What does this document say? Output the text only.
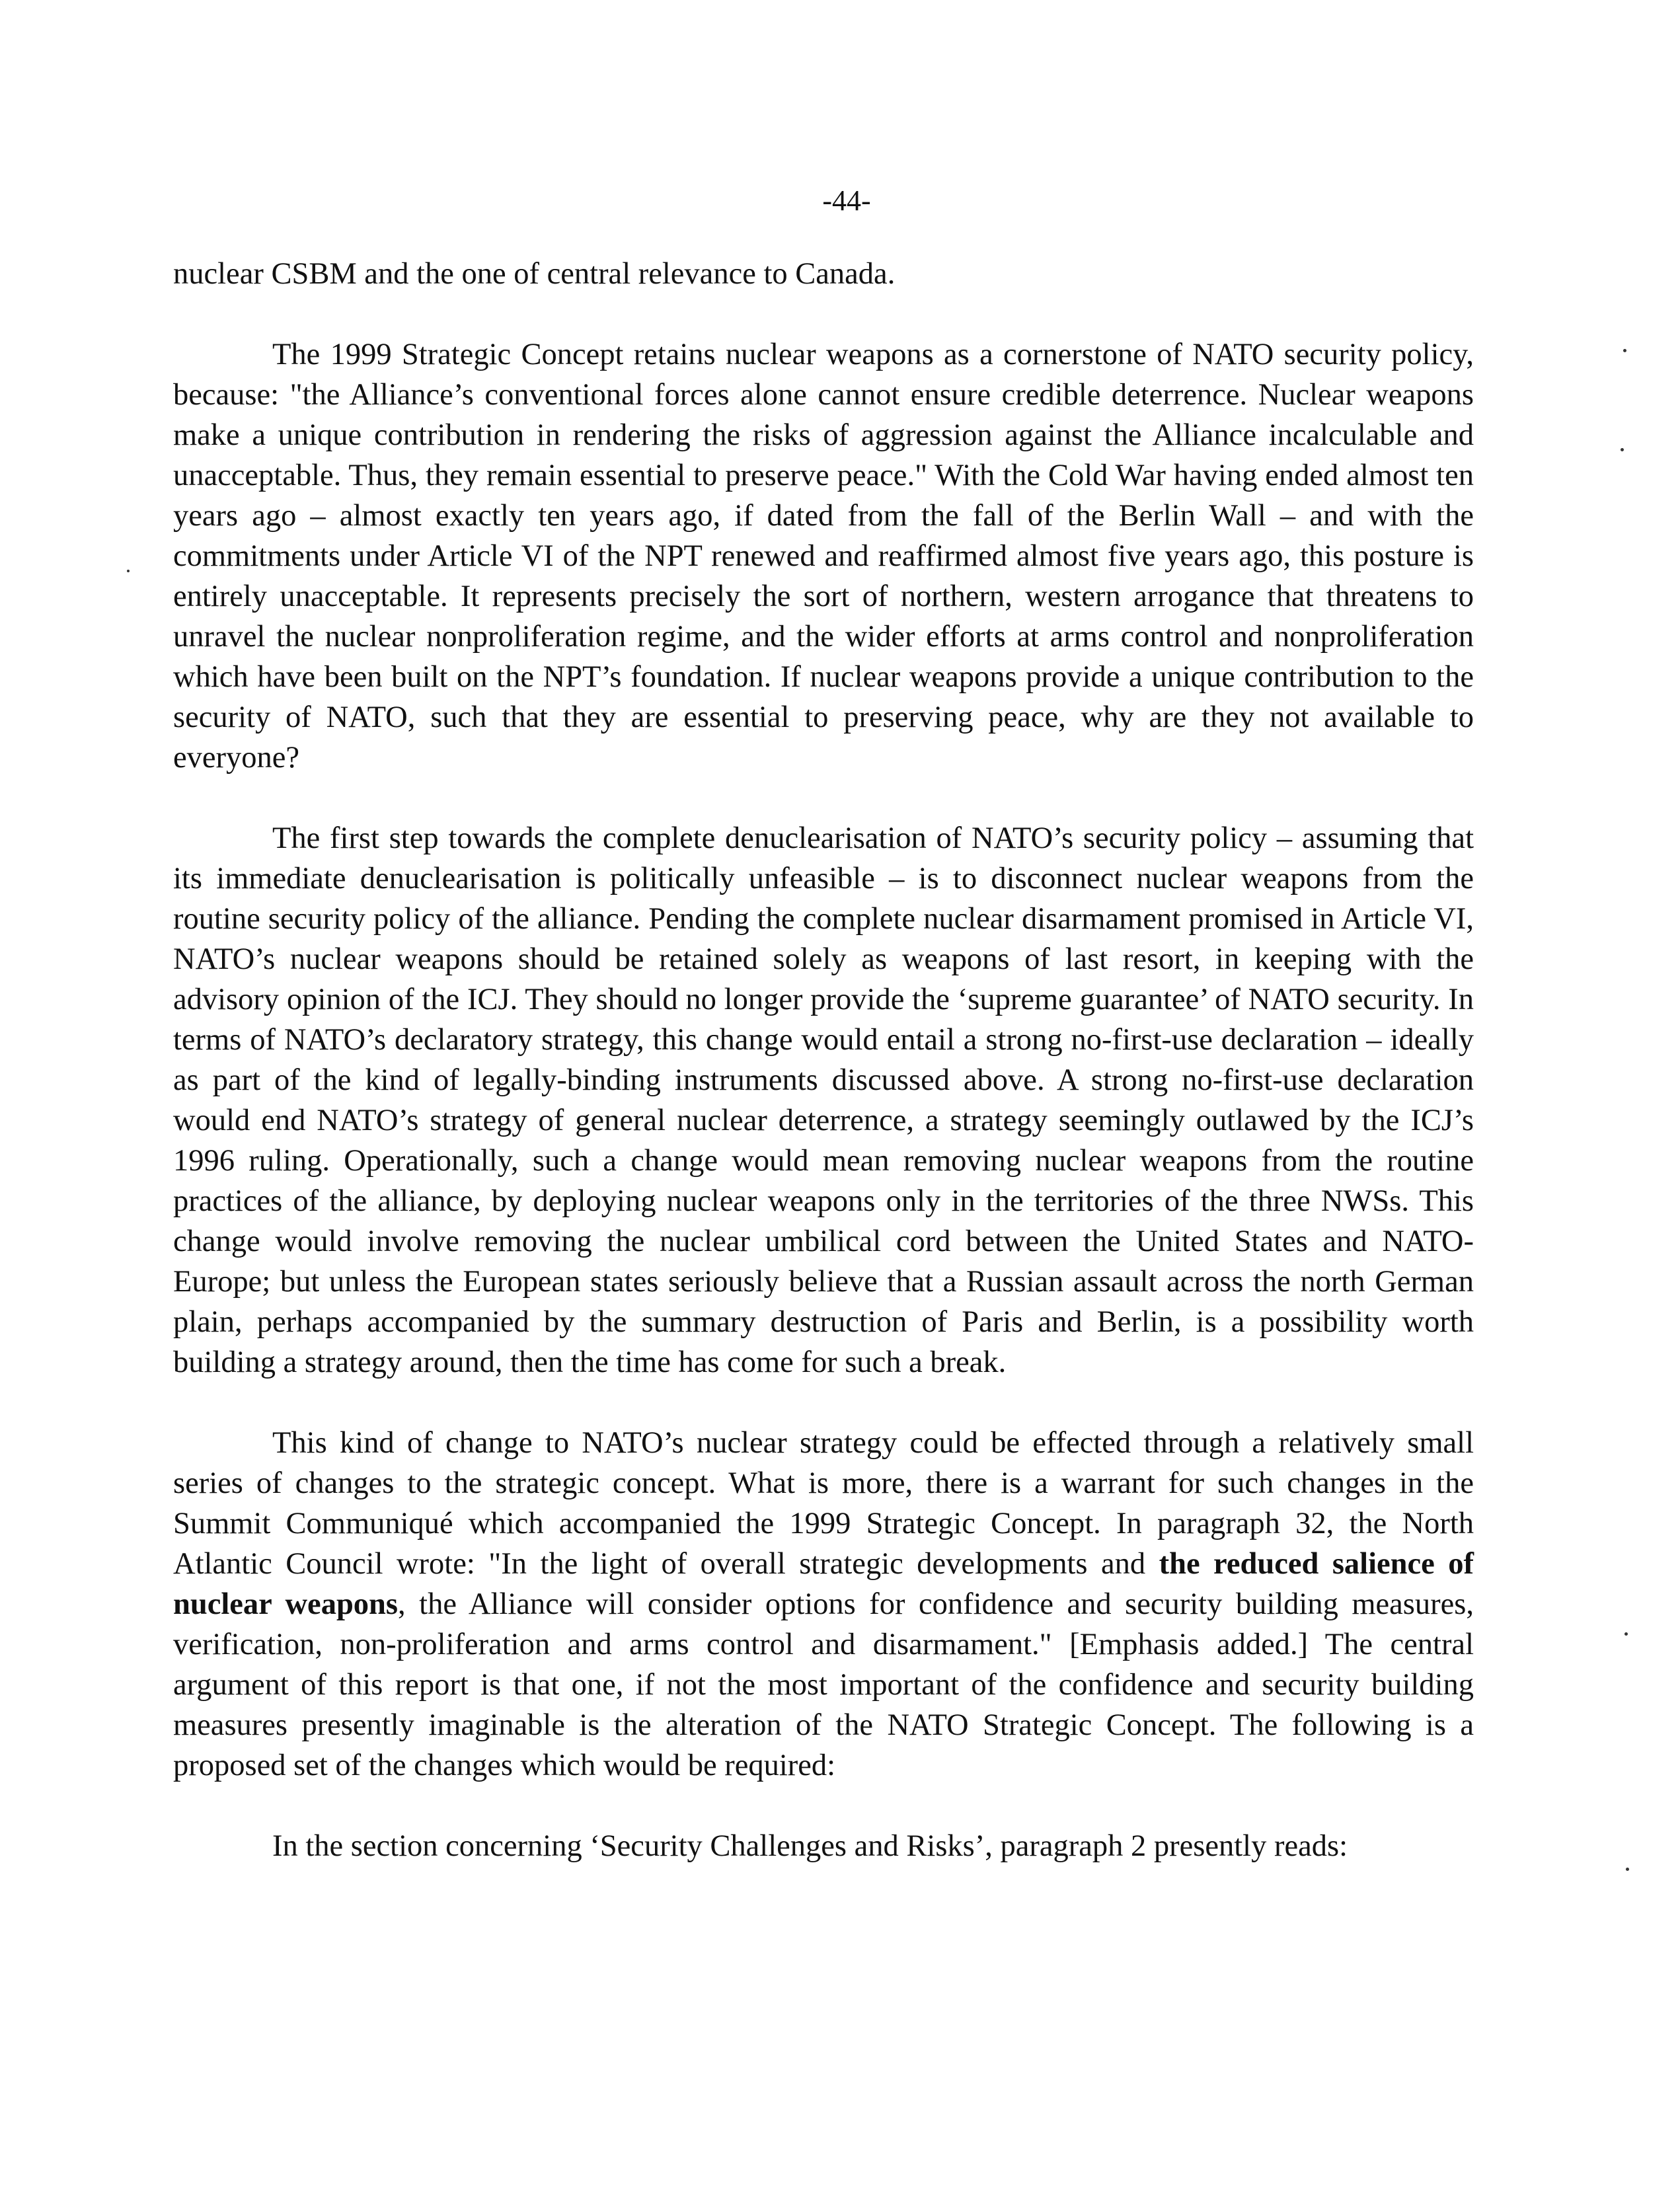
-44-

nuclear CSBM and the one of central relevance to Canada.

The 1999 Strategic Concept retains nuclear weapons as a cornerstone of NATO security policy, because: "the Alliance’s conventional forces alone cannot ensure credible deterrence. Nuclear weapons make a unique contribution in rendering the risks of aggression against the Alliance incalculable and unacceptable. Thus, they remain essential to preserve peace." With the Cold War having ended almost ten years ago – almost exactly ten years ago, if dated from the fall of the Berlin Wall – and with the commitments under Article VI of the NPT renewed and reaffirmed almost five years ago, this posture is entirely unacceptable. It represents precisely the sort of northern, western arrogance that threatens to unravel the nuclear nonproliferation regime, and the wider efforts at arms control and nonproliferation which have been built on the NPT’s foundation. If nuclear weapons provide a unique contribution to the security of NATO, such that they are essential to preserving peace, why are they not available to everyone?

The first step towards the complete denuclearisation of NATO’s security policy – assuming that its immediate denuclearisation is politically unfeasible – is to disconnect nuclear weapons from the routine security policy of the alliance. Pending the complete nuclear disarmament promised in Article VI, NATO’s nuclear weapons should be retained solely as weapons of last resort, in keeping with the advisory opinion of the ICJ. They should no longer provide the ‘supreme guarantee’ of NATO security. In terms of NATO’s declaratory strategy, this change would entail a strong no-first-use declaration – ideally as part of the kind of legally-binding instruments discussed above. A strong no-first-use declaration would end NATO’s strategy of general nuclear deterrence, a strategy seemingly outlawed by the ICJ’s 1996 ruling. Operationally, such a change would mean removing nuclear weapons from the routine practices of the alliance, by deploying nuclear weapons only in the territories of the three NWSs. This change would involve removing the nuclear umbilical cord between the United States and NATO-Europe; but unless the European states seriously believe that a Russian assault across the north German plain, perhaps accompanied by the summary destruction of Paris and Berlin, is a possibility worth building a strategy around, then the time has come for such a break.

This kind of change to NATO’s nuclear strategy could be effected through a relatively small series of changes to the strategic concept. What is more, there is a warrant for such changes in the Summit Communiqué which accompanied the 1999 Strategic Concept. In paragraph 32, the North Atlantic Council wrote: "In the light of overall strategic developments and the reduced salience of nuclear weapons, the Alliance will consider options for confidence and security building measures, verification, non-proliferation and arms control and disarmament." [Emphasis added.] The central argument of this report is that one, if not the most important of the confidence and security building measures presently imaginable is the alteration of the NATO Strategic Concept. The following is a proposed set of the changes which would be required:

In the section concerning ‘Security Challenges and Risks’, paragraph 2 presently reads:
